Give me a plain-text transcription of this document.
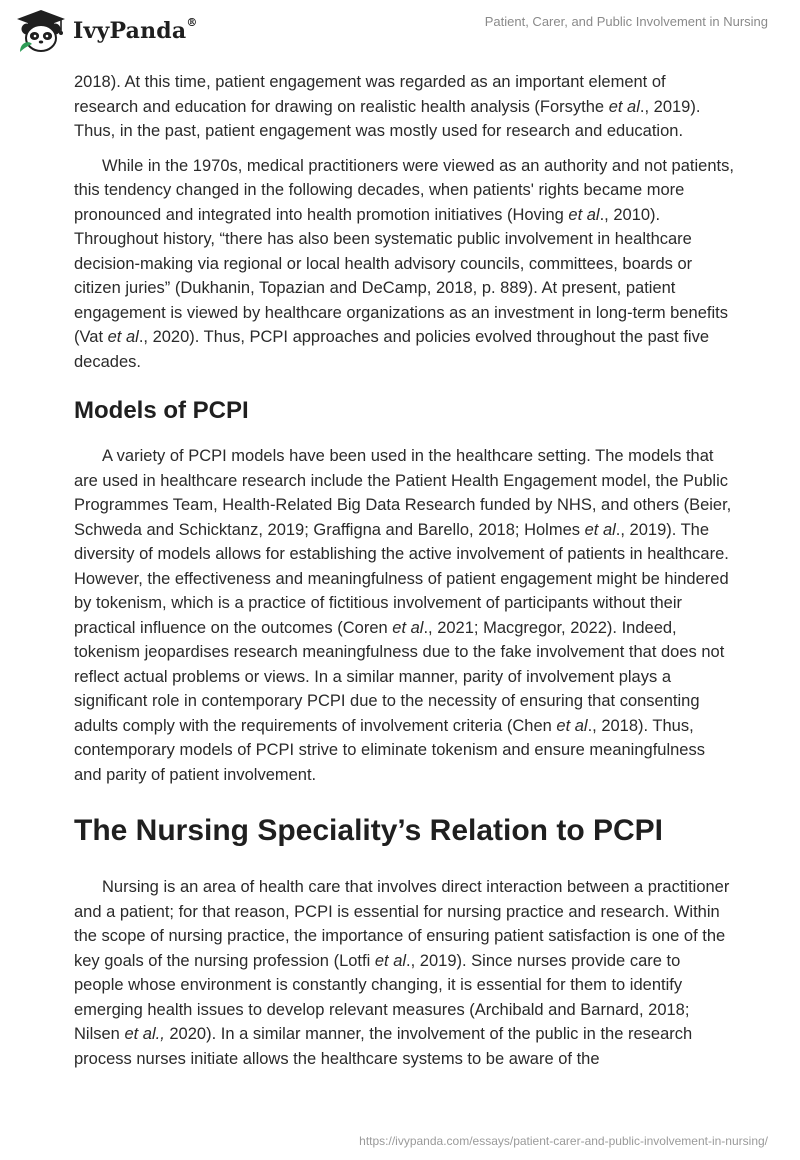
IvyPanda®	Patient, Carer, and Public Involvement in Nursing

2018). At this time, patient engagement was regarded as an important element of research and education for drawing on realistic health analysis (Forsythe et al., 2019). Thus, in the past, patient engagement was mostly used for research and education.

While in the 1970s, medical practitioners were viewed as an authority and not patients, this tendency changed in the following decades, when patients' rights became more pronounced and integrated into health promotion initiatives (Hoving et al., 2010). Throughout history, “there has also been systematic public involvement in healthcare decision-making via regional or local health advisory councils, committees, boards or citizen juries” (Dukhanin, Topazian and DeCamp, 2018, p. 889). At present, patient engagement is viewed by healthcare organizations as an investment in long-term benefits (Vat et al., 2020). Thus, PCPI approaches and policies evolved throughout the past five decades.

Models of PCPI

A variety of PCPI models have been used in the healthcare setting. The models that are used in healthcare research include the Patient Health Engagement model, the Public Programmes Team, Health-Related Big Data Research funded by NHS, and others (Beier, Schweda and Schicktanz, 2019; Graffigna and Barello, 2018; Holmes et al., 2019). The diversity of models allows for establishing the active involvement of patients in healthcare. However, the effectiveness and meaningfulness of patient engagement might be hindered by tokenism, which is a practice of fictitious involvement of participants without their practical influence on the outcomes (Coren et al., 2021; Macgregor, 2022). Indeed, tokenism jeopardises research meaningfulness due to the fake involvement that does not reflect actual problems or views. In a similar manner, parity of involvement plays a significant role in contemporary PCPI due to the necessity of ensuring that consenting adults comply with the requirements of involvement criteria (Chen et al., 2018). Thus, contemporary models of PCPI strive to eliminate tokenism and ensure meaningfulness and parity of patient involvement.

The Nursing Speciality’s Relation to PCPI

Nursing is an area of health care that involves direct interaction between a practitioner and a patient; for that reason, PCPI is essential for nursing practice and research. Within the scope of nursing practice, the importance of ensuring patient satisfaction is one of the key goals of the nursing profession (Lotfi et al., 2019). Since nurses provide care to people whose environment is constantly changing, it is essential for them to identify emerging health issues to develop relevant measures (Archibald and Barnard, 2018; Nilsen et al., 2020). In a similar manner, the involvement of the public in the research process nurses initiate allows the healthcare systems to be aware of the

https://ivypanda.com/essays/patient-carer-and-public-involvement-in-nursing/
